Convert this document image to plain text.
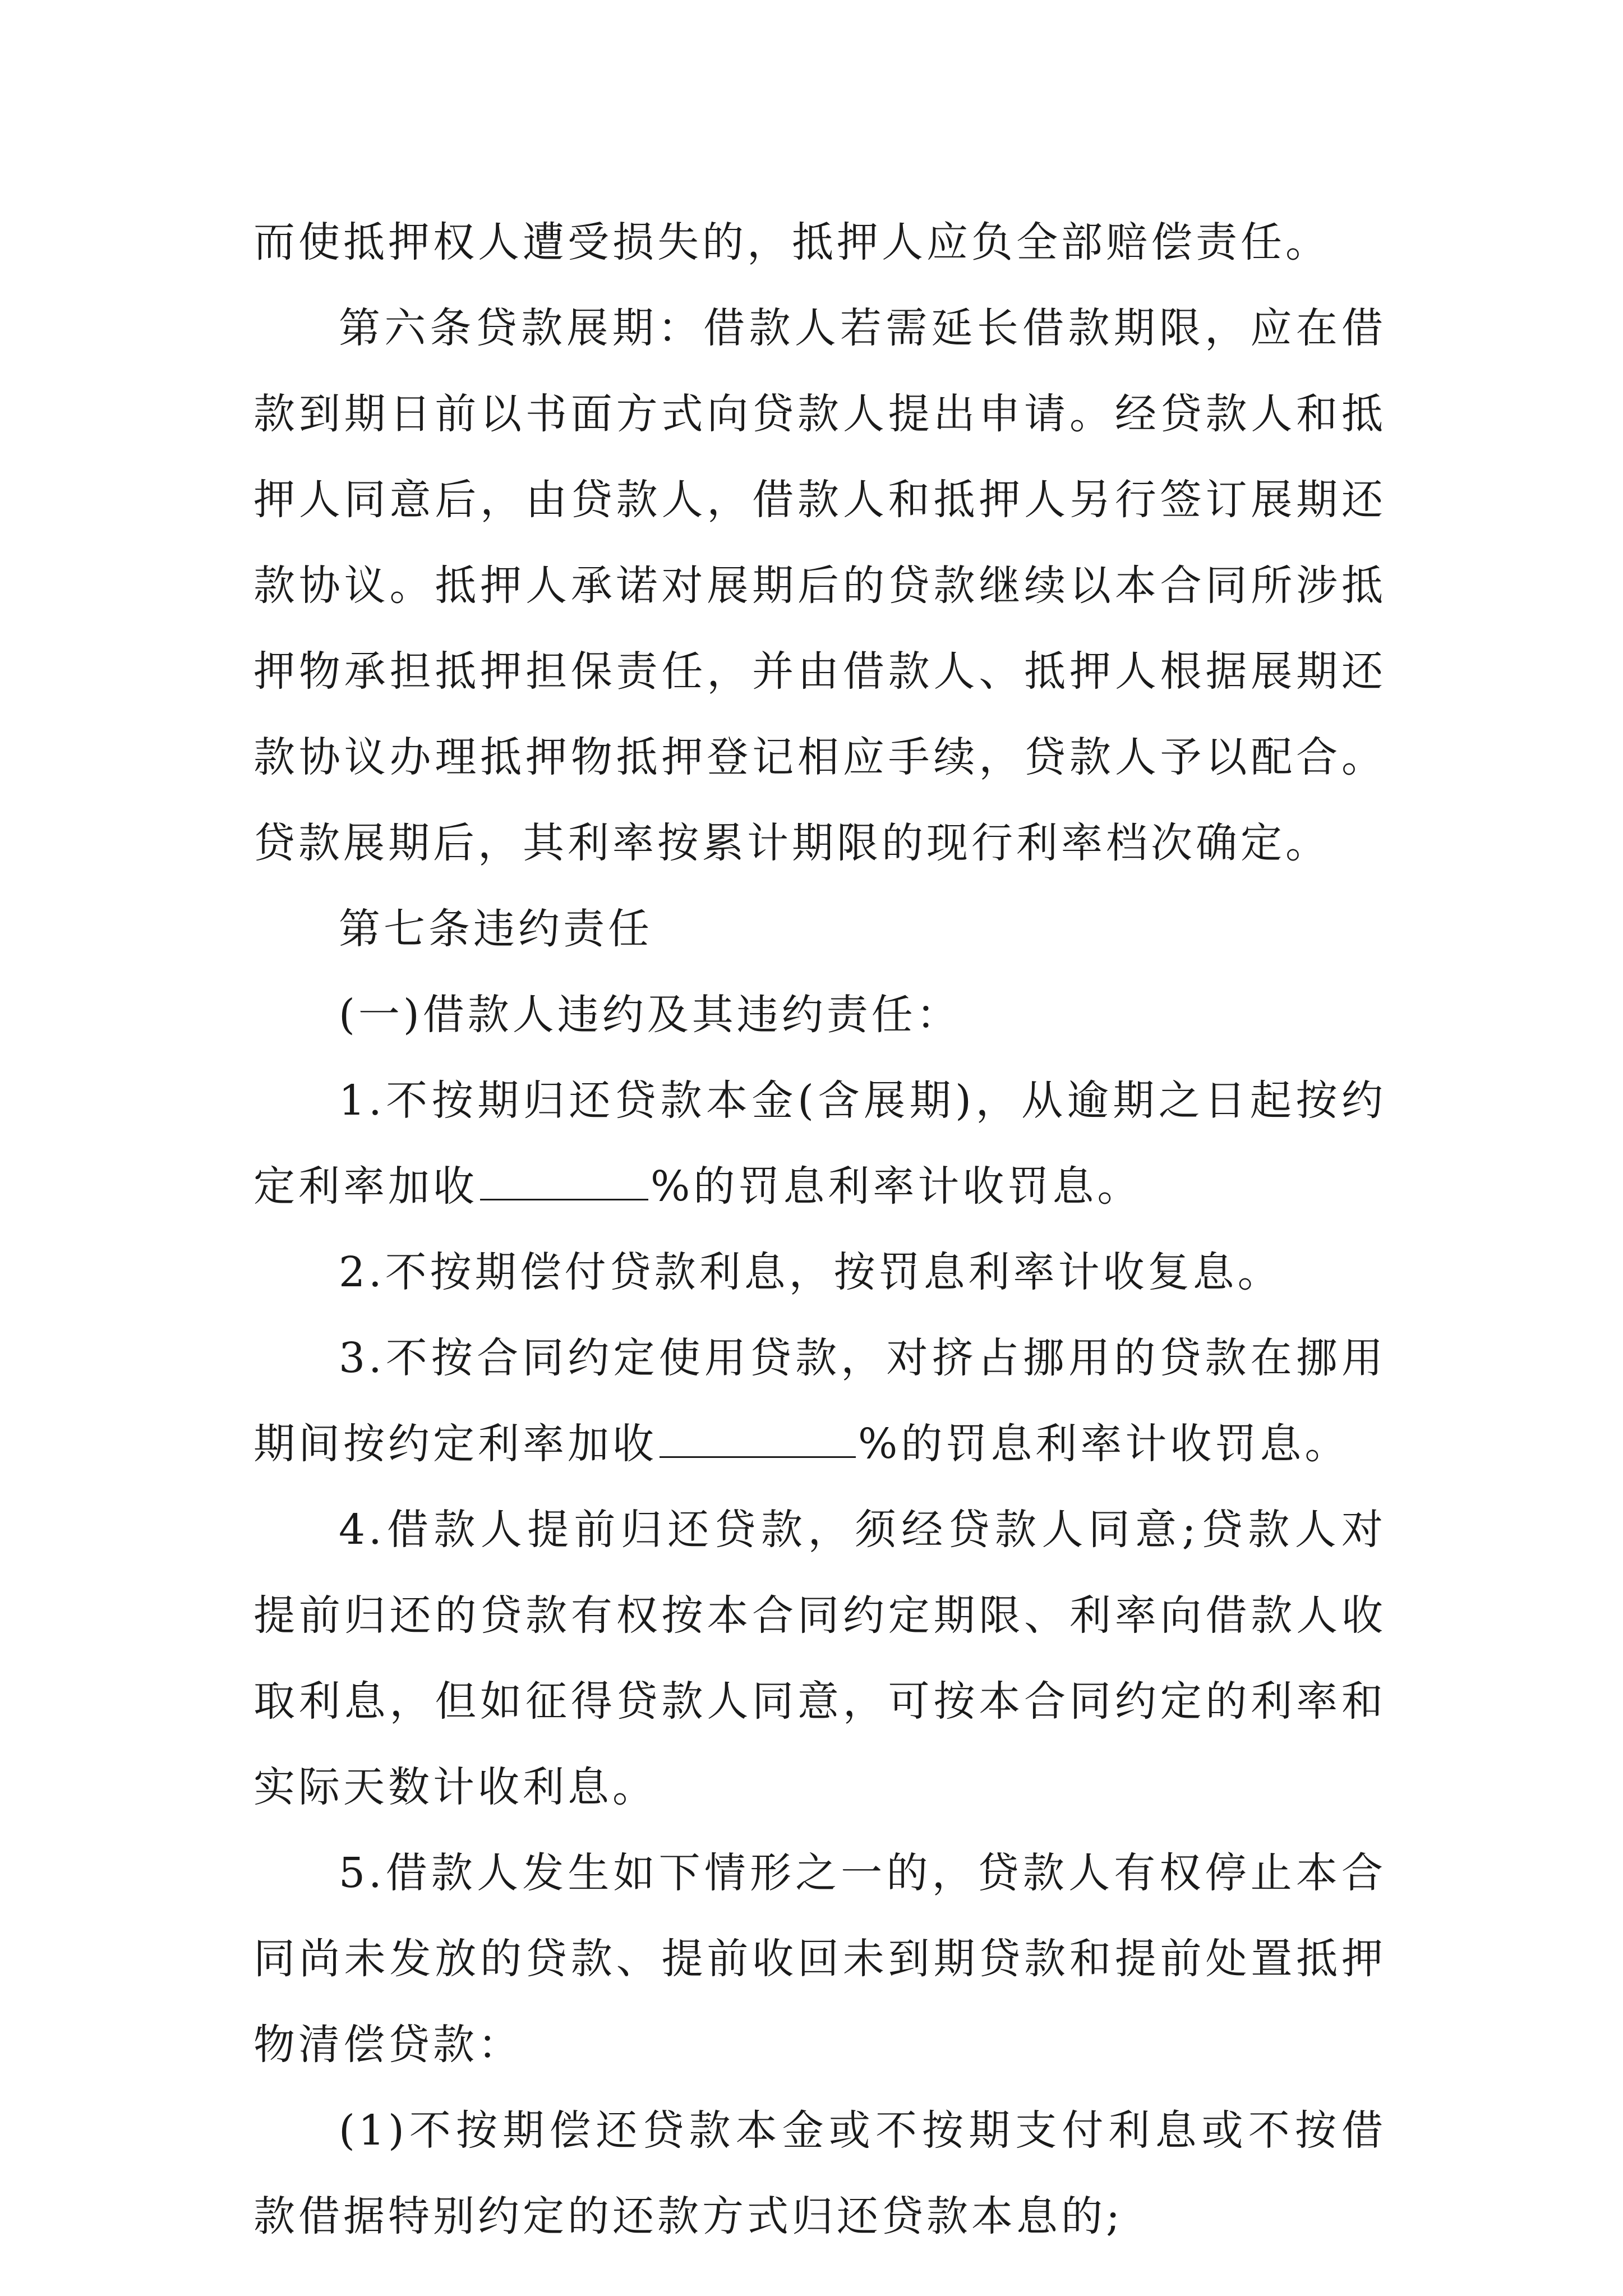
而使抵押权人遭受损失的，抵押人应负全部赔偿责任。

第六条贷款展期：借款人若需延长借款期限，应在借款到期日前以书面方式向贷款人提出申请。经贷款人和抵押人同意后，由贷款人，借款人和抵押人另行签订展期还款协议。抵押人承诺对展期后的贷款继续以本合同所涉抵押物承担抵押担保责任，并由借款人、抵押人根据展期还款协议办理抵押物抵押登记相应手续，贷款人予以配合。贷款展期后，其利率按累计期限的现行利率档次确定。

第七条违约责任

(一)借款人违约及其违约责任：

1.不按期归还贷款本金(含展期)，从逾期之日起按约定利率加收	%的罚息利率计收罚息。

2.不按期偿付贷款利息，按罚息利率计收复息。

3.不按合同约定使用贷款，对挤占挪用的贷款在挪用期间按约定利率加收	%的罚息利率计收罚息。

4.借款人提前归还贷款，须经贷款人同意;贷款人对提前归还的贷款有权按本合同约定期限、利率向借款人收取利息，但如征得贷款人同意，可按本合同约定的利率和实际天数计收利息。

5.借款人发生如下情形之一的，贷款人有权停止本合同尚未发放的贷款、提前收回未到期贷款和提前处置抵押物清偿贷款：

(1)不按期偿还贷款本金或不按期支付利息或不按借款借据特别约定的还款方式归还贷款本息的;
